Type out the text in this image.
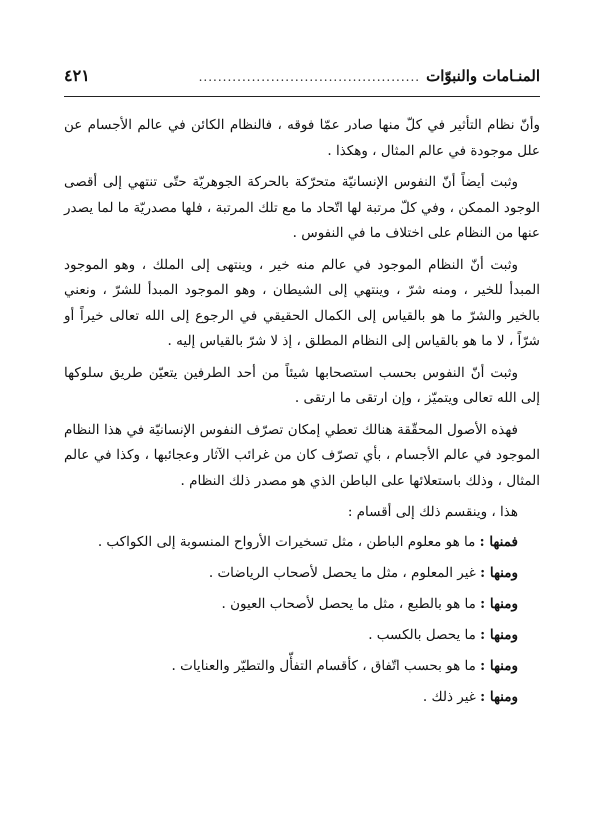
المنـامات والنبوّات
..............................................
٤٢١

وأنّ نظام التأثير في كلّ منها صادر عمّا فوقه ، فالنظام الكائن في عالم الأجسام عن علل موجودة في عالم المثال ، وهكذا .

وثبت أيضاً أنّ النفوس الإنسانيّة متحرّكة بالحركة الجوهريّة حتّى تنتهي إلى أقصى الوجود الممكن ، وفي كلّ مرتبة لها اتّحاد ما مع تلك المرتبة ، فلها مصدريّة ما لما يصدر عنها من النظام على اختلاف ما في النفوس .

وثبت أنّ النظام الموجود في عالم منه خير ، وينتهى إلى الملك ، وهو الموجود المبدأ للخير ، ومنه شرّ ، وينتهي إلى الشيطان ، وهو الموجود المبدأ للشرّ ، ونعني بالخير والشرّ ما هو بالقياس إلى الكمال الحقيقي في الرجوع إلى الله تعالى خيراً أو شرّاً ، لا ما هو بالقياس إلى النظام المطلق ، إذ لا شرّ بالقياس إليه .

وثبت أنّ النفوس بحسب استصحابها شيئاً من أحد الطرفين يتعيّن طريق سلوكها إلى الله تعالى ويتميّز ، وإن ارتقى ما ارتقى .

فهذه الأصول المحقّقة هنالك تعطي إمكان تصرّف النفوس الإنسانيّة في هذا النظام الموجود في عالم الأجسام ، بأي تصرّف كان من غرائب الآثار وعجائبها ، وكذا في عالم المثال ، وذلك باستعلائها على الباطن الذي هو مصدر ذلك النظام .

هذا ، وينقسم ذلك إلى أقسام :

فمنها : ما هو معلوم الباطن ، مثل تسخيرات الأرواح المنسوبة إلى الكواكب .
ومنها : غير المعلوم ، مثل ما يحصل لأصحاب الرياضات .
ومنها : ما هو بالطبع ، مثل ما يحصل لأصحاب العيون .
ومنها : ما يحصل بالكسب .
ومنها : ما هو بحسب اتّفاق ، كأقسام التفأّل والتطيّر والعنايات .
ومنها : غير ذلك .
